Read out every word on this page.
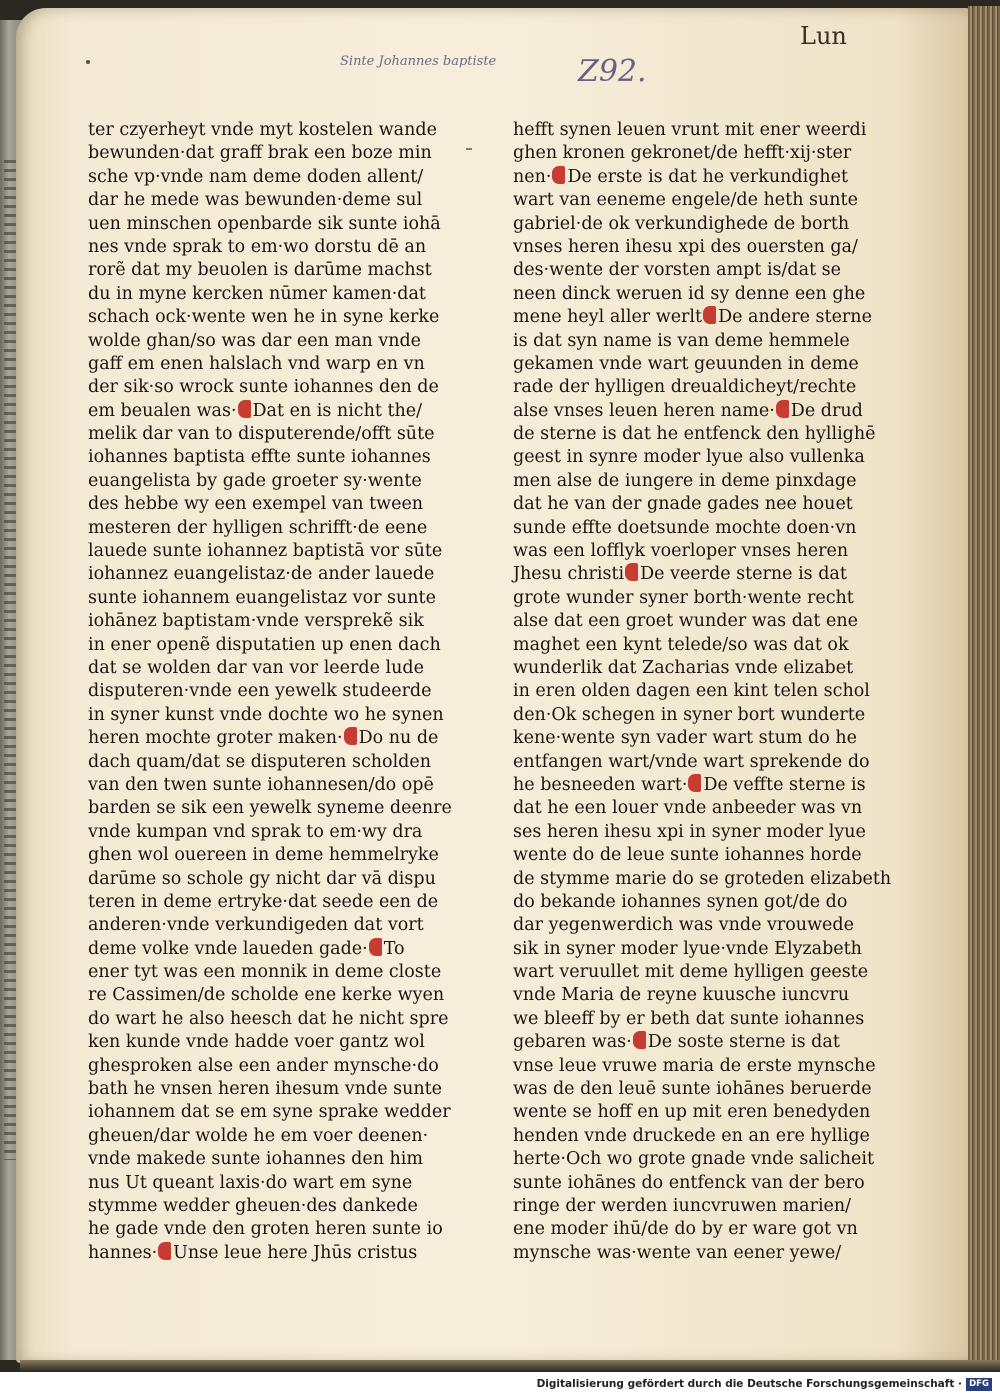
Sinte Johannes baptiste	Z92.
Lun
ter czyerheyt vnde myt kostelen wande
bewunden·dat graff brak een boze min
sche vp·vnde nam deme doden allent/
dar he mede was bewunden·deme sul
uen minschen openbarde sik sunte iohā
nes vnde sprak to em·wo dorstu dē an
rorẽ dat my beuolen is darūme machst
du in myne kercken nūmer kamen·dat
schach ock·wente wen he in syne kerke
wolde ghan/so was dar een man vnde
gaff em enen halslach vnd warp en vn
der sik·so wrock sunte iohannes den de
em beualen was· Dat en is nicht the/
melik dar van to disputerende/offt sūte
iohannes baptista effte sunte iohannes
euangelista by gade groeter sy·wente
des hebbe wy een exempel van tween
mesteren der hylligen schrifft·de eene
lauede sunte iohannez baptistā vor sūte
iohannez euangelistaz·de ander lauede
sunte iohannem euangelistaz vor sunte
iohānez baptistam·vnde versprekẽ sik
in ener openẽ disputatien up enen dach
dat se wolden dar van vor leerde lude
disputeren·vnde een yewelk studeerde
in syner kunst vnde dochte wo he synen
heren mochte groter maken· Do nu de
dach quam/dat se disputeren scholden
van den twen sunte iohannesen/do opē
barden se sik een yewelk syneme deenre
vnde kumpan vnd sprak to em·wy dra
ghen wol ouereen in deme hemmelryke
darūme so schole gy nicht dar vā dispu
teren in deme ertryke·dat seede een de
anderen·vnde verkundigeden dat vort
deme volke vnde laueden gade· To
ener tyt was een monnik in deme closte
re Cassimen/de scholde ene kerke wyen
do wart he also heesch dat he nicht spre
ken kunde vnde hadde voer gantz wol
ghesproken alse een ander mynsche·do
bath he vnsen heren ihesum vnde sunte
iohannem dat se em syne sprake wedder
gheuen/dar wolde he em voer deenen·
vnde makede sunte iohannes den him
nus Ut queant laxis·do wart em syne
stymme wedder gheuen·des dankede
he gade vnde den groten heren sunte io
hannes· Unse leue here Jhūs cristus
hefft synen leuen vrunt mit ener weerdi
ghen kronen gekronet/de hefft·xij·ster
nen· De erste is dat he verkundighet
wart van eeneme engele/de heth sunte
gabriel·de ok verkundighede de borth
vnses heren ihesu xpi des ouersten ga/
des·wente der vorsten ampt is/dat se
neen dinck weruen id sy denne een ghe
mene heyl aller werlt De andere sterne
is dat syn name is van deme hemmele
gekamen vnde wart geuunden in deme
rade der hylligen dreualdicheyt/rechte
alse vnses leuen heren name· De drud
de sterne is dat he entfenck den hyllighē
geest in synre moder lyue also vullenka
men alse de iungere in deme pinxdage
dat he van der gnade gades nee houet
sunde effte doetsunde mochte doen·vn
was een lofflyk voerloper vnses heren
Jhesu christi De veerde sterne is dat
grote wunder syner borth·wente recht
alse dat een groet wunder was dat ene
maghet een kynt telede/so was dat ok
wunderlik dat Zacharias vnde elizabet
in eren olden dagen een kint telen schol
den·Ok schegen in syner bort wunderte
kene·wente syn vader wart stum do he
entfangen wart/vnde wart sprekende do
he besneeden wart· De veffte sterne is
dat he een louer vnde anbeeder was vn
ses heren ihesu xpi in syner moder lyue
wente do de leue sunte iohannes horde
de stymme marie do se groteden elizabeth
do bekande iohannes synen got/de do
dar yegenwerdich was vnde vrouwede
sik in syner moder lyue·vnde Elyzabeth
wart veruullet mit deme hylligen geeste
vnde Maria de reyne kuusche iuncvru
we bleeff by er beth dat sunte iohannes
gebaren was· De soste sterne is dat
vnse leue vruwe maria de erste mynsche
was de den leuē sunte iohānes beruerde
wente se hoff en up mit eren benedyden
henden vnde druckede en an ere hyllige
herte·Och wo grote gnade vnde salicheit
sunte iohānes do entfenck van der bero
ringe der werden iuncvruwen marien/
ene moder ihū/de do by er ware got vn
mynsche was·wente van eener yewe/
Digitalisierung gefördert durch die Deutsche Forschungsgemeinschaft · DFG
